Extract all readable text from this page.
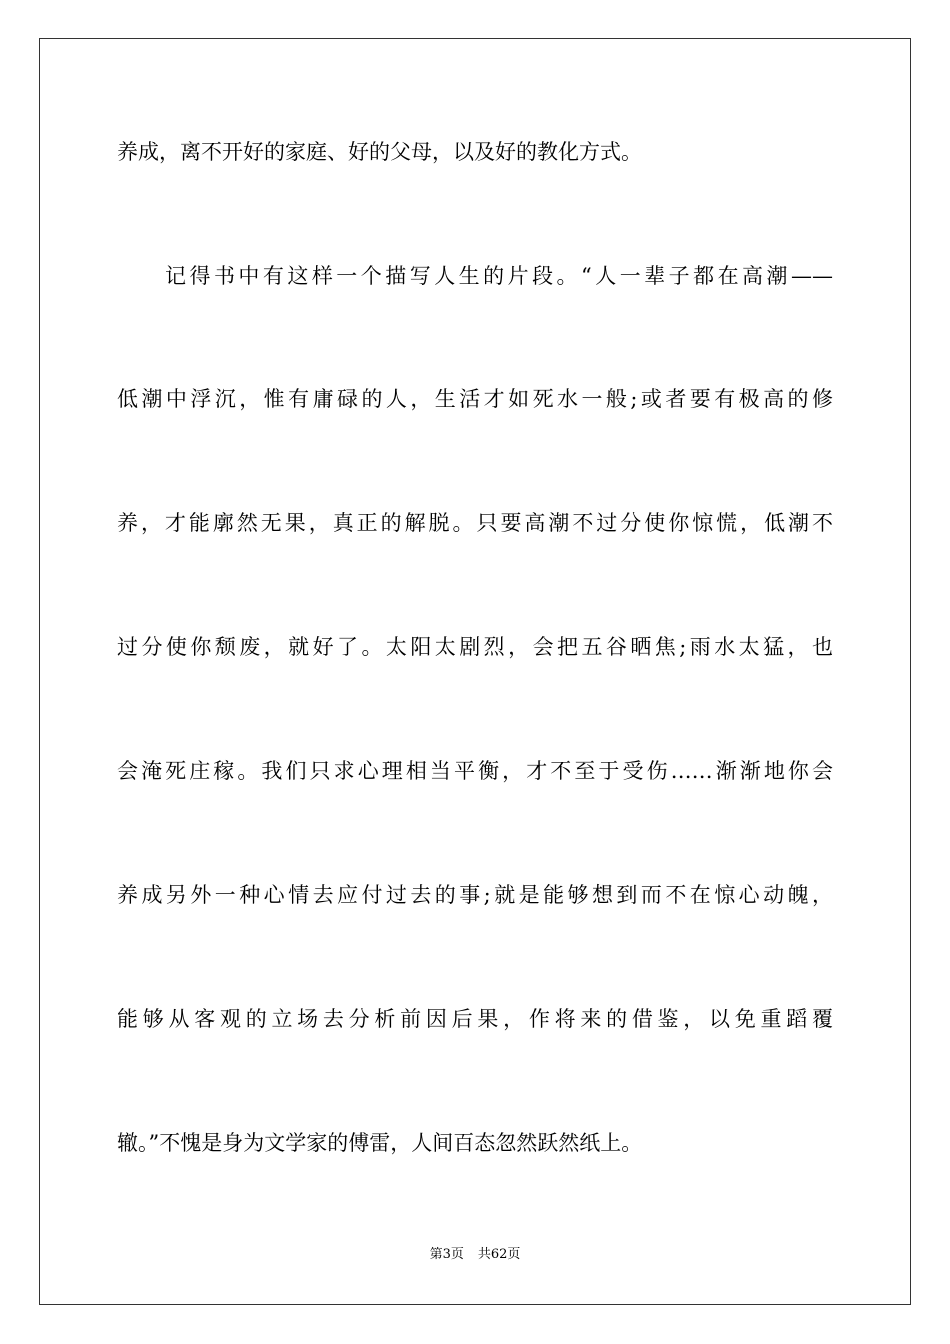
养成，离不开好的家庭、好的父母，以及好的教化方式。
记得书中有这样一个描写人生的片段。“人一辈子都在高潮——
低潮中浮沉，惟有庸碌的人，生活才如死水一般;或者要有极高的修
养，才能廓然无果，真正的解脱。只要高潮不过分使你惊慌，低潮不
过分使你颓废，就好了。太阳太剧烈，会把五谷晒焦;雨水太猛，也
会淹死庄稼。我们只求心理相当平衡，才不至于受伤……渐渐地你会
养成另外一种心情去应付过去的事;就是能够想到而不在惊心动魄，
能够从客观的立场去分析前因后果，作将来的借鉴，以免重蹈覆
辙。”不愧是身为文学家的傅雷，人间百态忽然跃然纸上。
第3页 共62页
